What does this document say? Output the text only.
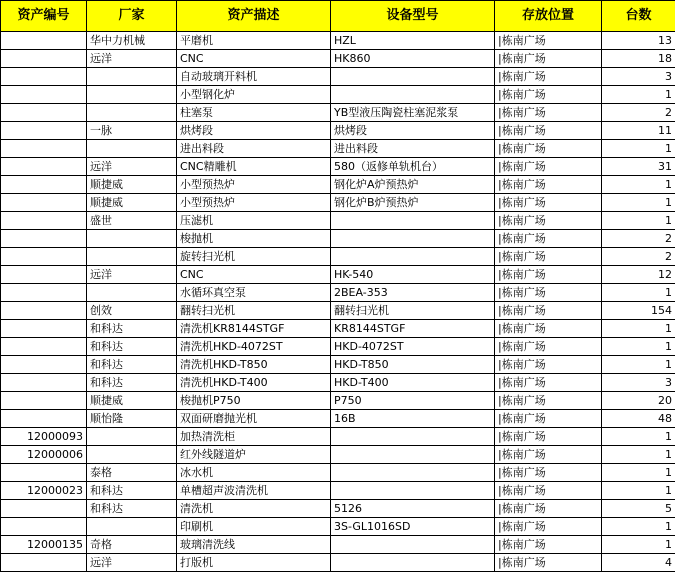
资产编号	厂家	资产描述	设备型号	存放位置	台数
	华中力机械	平磨机	HZL	|栋南广场	13
	远洋	CNC	HK860	|栋南广场	18
		自动玻璃开料机		|栋南广场	3
		小型钢化炉		|栋南广场	1
		柱塞泵	YB型液压陶瓷柱塞泥浆泵	|栋南广场	2
	一脉	烘烤段	烘烤段	|栋南广场	11
		进出料段	进出料段	|栋南广场	1
	远洋	CNC精雕机	580（返修单轨机台）	|栋南广场	31
	顺捷威	小型预热炉	钢化炉A炉预热炉	|栋南广场	1
	顺捷威	小型预热炉	钢化炉B炉预热炉	|栋南广场	1
	盛世	压滤机		|栋南广场	1
		梭抛机		|栋南广场	2
		旋转扫光机		|栋南广场	2
	远洋	CNC	HK-540	|栋南广场	12
		水循环真空泵	2BEA-353	|栋南广场	1
	创效	翻转扫光机	翻转扫光机	|栋南广场	154
	和科达	清洗机KR8144STGF	KR8144STGF	|栋南广场	1
	和科达	清洗机HKD-4072ST	HKD-4072ST	|栋南广场	1
	和科达	清洗机HKD-T850	HKD-T850	|栋南广场	1
	和科达	清洗机HKD-T400	HKD-T400	|栋南广场	3
	顺捷威	梭抛机P750	P750	|栋南广场	20
	顺怡隆	双面研磨抛光机	16B	|栋南广场	48
12000093		加热清洗柜		|栋南广场	1
12000006		红外线隧道炉		|栋南广场	1
	泰格	冰水机		|栋南广场	1
12000023	和科达	单槽超声波清洗机		|栋南广场	1
	和科达	清洗机	5126	|栋南广场	5
		印刷机	3S-GL1016SD	|栋南广场	1
12000135	奇格	玻璃清洗线		|栋南广场	1
	远洋	打版机		|栋南广场	4
